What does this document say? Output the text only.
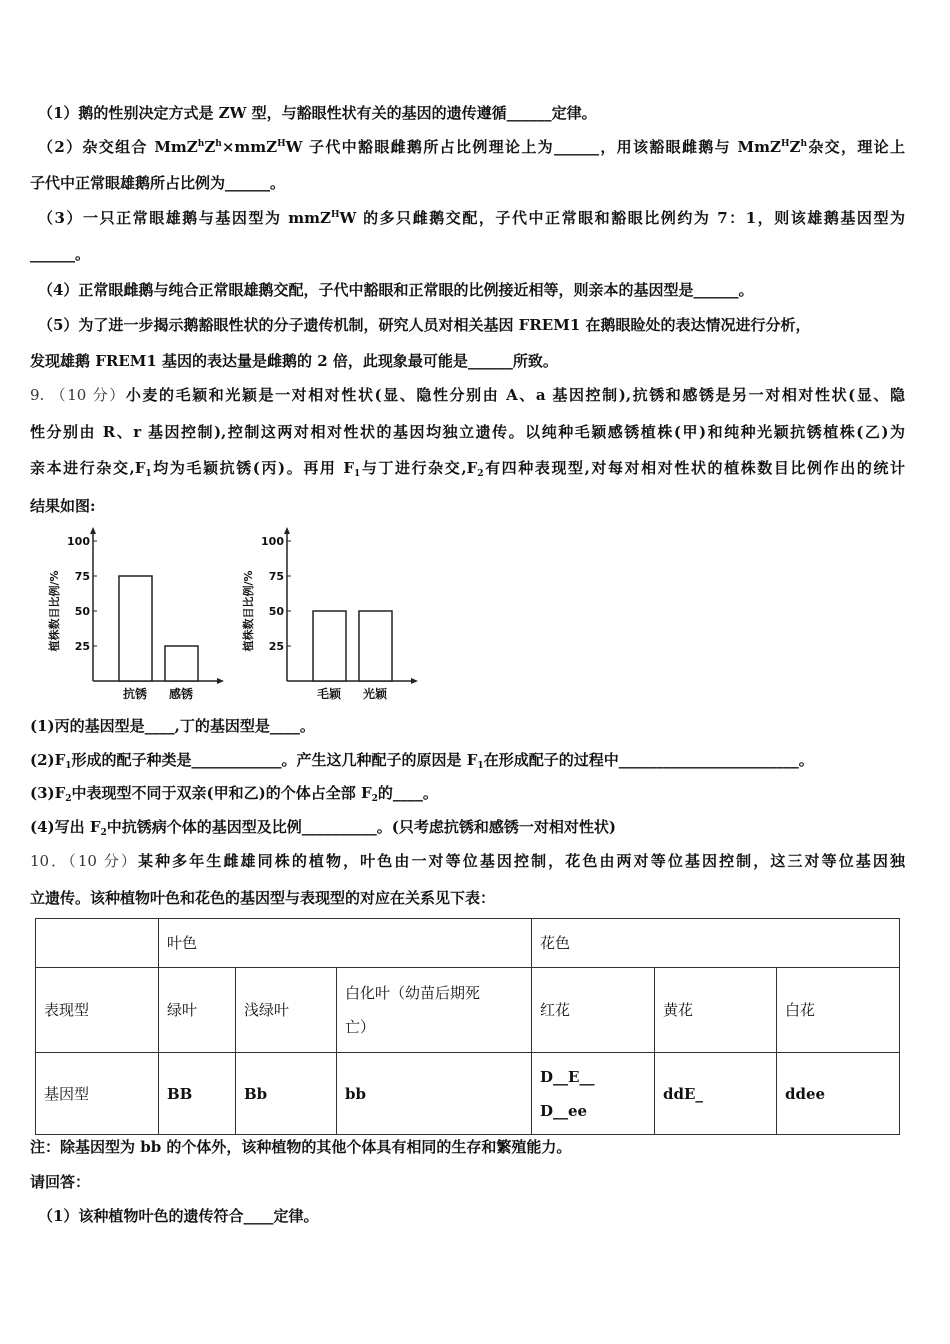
（1）鹅的性别决定方式是 ZW 型，与豁眼性状有关的基因的遗传遵循______定律。
（2）杂交组合 $MmZ^hZ^h\times mmZ^HW$ 子代中豁眼雌鹅所占比例理论上为______，用该豁眼雌鹅与 $MmZ^HZ^h$杂交，理论上
子代中正常眼雄鹅所占比例为______。
（3）一只正常眼雄鹅与基因型为 mmZ$^H$W 的多只雌鹅交配，子代中正常眼和豁眼比例约为 7：1，则该雄鹅基因型为
______。
（4）正常眼雌鹅与纯合正常眼雄鹅交配，子代中豁眼和正常眼的比例接近相等，则亲本的基因型是______。
（5）为了进一步揭示鹅豁眼性状的分子遗传机制，研究人员对相关基因 FREM1 在鹅眼睑处的表达情况进行分析，
发现雄鹅 FREM1 基因的表达量是雌鹅的 2 倍，此现象最可能是______所致。
9. （10 分）小麦的毛颖和光颖是一对相对性状(显、隐性分别由 A、a 基因控制),抗锈和感锈是另一对相对性状(显、隐
性分别由 R、r 基因控制),控制这两对相对性状的基因均独立遗传。以纯种毛颖感锈植株(甲)和纯种光颖抗锈植株(乙)为
亲本进行杂交$,F_1$均为毛颖抗锈(丙)。再用 $F_1$与丁进行杂交$,F_2$有四种表现型,对每对相对性状的植株数目比例作出的统计
结果如图:
(1)丙的基因型是____,丁的基因型是____。
$(2)F_1$形成的配子种类是____________。产生这几种配子的原因是 $F_1$在形成配子的过程中________________________。
$(3)F_2$中表现型不同于双亲(甲和乙)的个体占全部 $F_2$的____。
(4)写出 $F_2$中抗锈病个体的基因型及比例__________。(只考虑抗锈和感锈一对相对性状)
10．（10 分）某种多年生雌雄同株的植物，叶色由一对等位基因控制，花色由两对等位基因控制，这三对等位基因独
立遗传。该种植物叶色和花色的基因型与表现型的对应在关系见下表：
注：除基因型为 bb 的个体外，该种植物的其他个体具有相同的生存和繁殖能力。
请回答：
（1）该种植物叶色的遗传符合____定律。
25
50
75
100
植株数目比例/%
抗锈 感锈
25
50
75
100
植株数目比例/%
毛颖 光颖
	叶色			花色		
表现型	绿叶	浅绿叶	白化叶（幼苗后期死
亡）	红花	黄花	白花
基因型	BB	Bb	bb	D__E__
D__ee	ddE_	ddee
